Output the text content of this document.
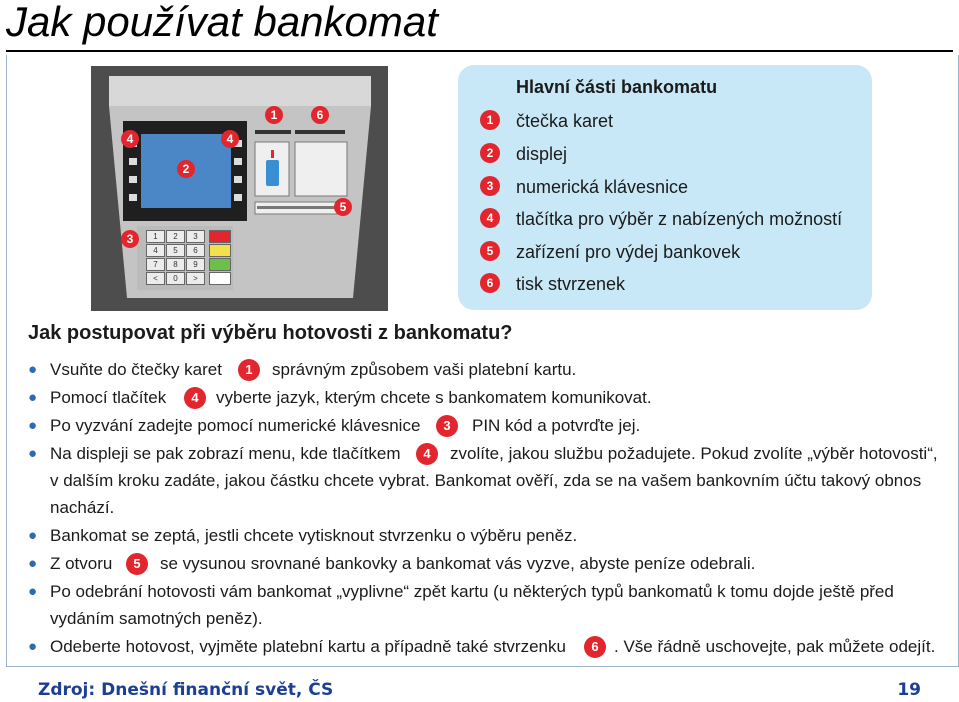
Jak používat bankomat
1	2	3
4	5	6
7	8	9
<	0	>
1
2
3
4	4
5
6
Hlavní části bankomatu
1 čtečka karet
2 displej
3 numerická klávesnice
4 tlačítka pro výběr z nabízených možností
5 zařízení pro výdej bankovek
6 tisk stvrzenek
Jak postupovat při výběru hotovosti z bankomatu?
● Vsuňte do čtečky karet	1	správným způsobem vaši platební kartu.
● Pomocí tlačítek	4	vyberte jazyk, kterým chcete s bankomatem komunikovat.
● Po vyzvání zadejte pomocí numerické klávesnice	3	PIN kód a potvrďte jej.
● Na displeji se pak zobrazí menu, kde tlačítkem	4	zvolíte, jakou službu požadujete. Pokud zvolíte „výběr hotovosti“,
v dalším kroku zadáte, jakou částku chcete vybrat. Bankomat ověří, zda se na vašem bankovním účtu takový obnos
nachází.
● Bankomat se zeptá, jestli chcete vytisknout stvrzenku o výběru peněz.
● Z otvoru	5	se vysunou srovnané bankovky a bankomat vás vyzve, abyste peníze odebrali.
● Po odebrání hotovosti vám bankomat „vyplivne“ zpět kartu (u některých typů bankomatů k tomu dojde ještě před
vydáním samotných peněz).
● Odeberte hotovost, vyjměte platební kartu a případně také stvrzenku	6 . Vše řádně uschovejte, pak můžete odejít.
Zdroj: Dnešní finanční svět, ČS	19
